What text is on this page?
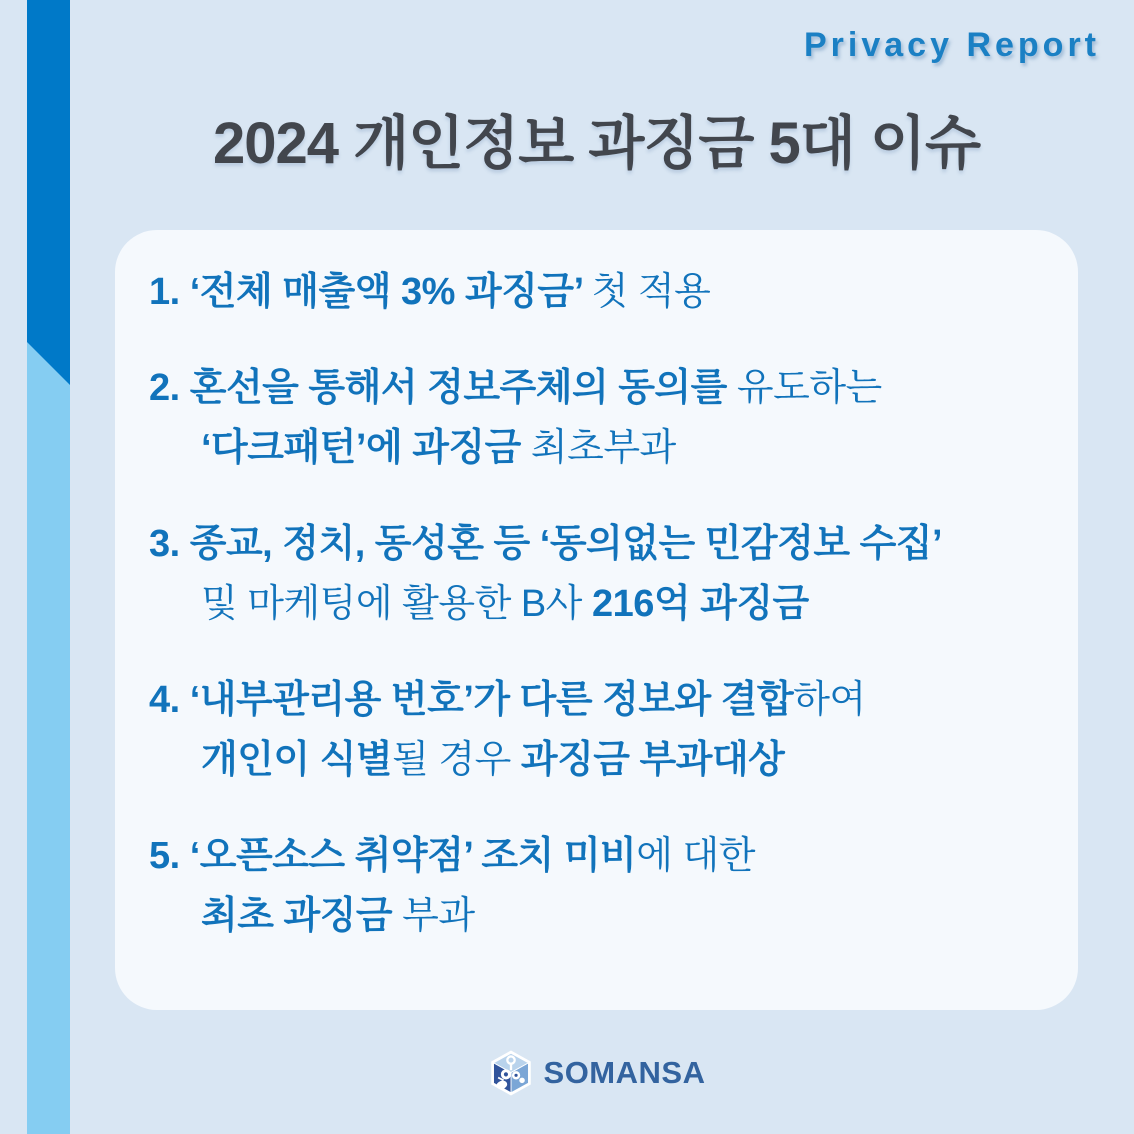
Privacy Report
2024 개인정보 과징금 5대 이슈
1. ‘전체 매출액 3% 과징금’ 첫 적용
2. 혼선을 통해서 정보주체의 동의를 유도하는
‘다크패턴’에 과징금 최초부과
3. 종교, 정치, 동성혼 등 ‘동의없는 민감정보 수집’
및 마케팅에 활용한 B사 216억 과징금
4. ‘내부관리용 번호’가 다른 정보와 결합하여
개인이 식별될 경우 과징금 부과대상
5. ‘오픈소스 취약점’ 조치 미비에 대한
최초 과징금 부과
SOMANSA
